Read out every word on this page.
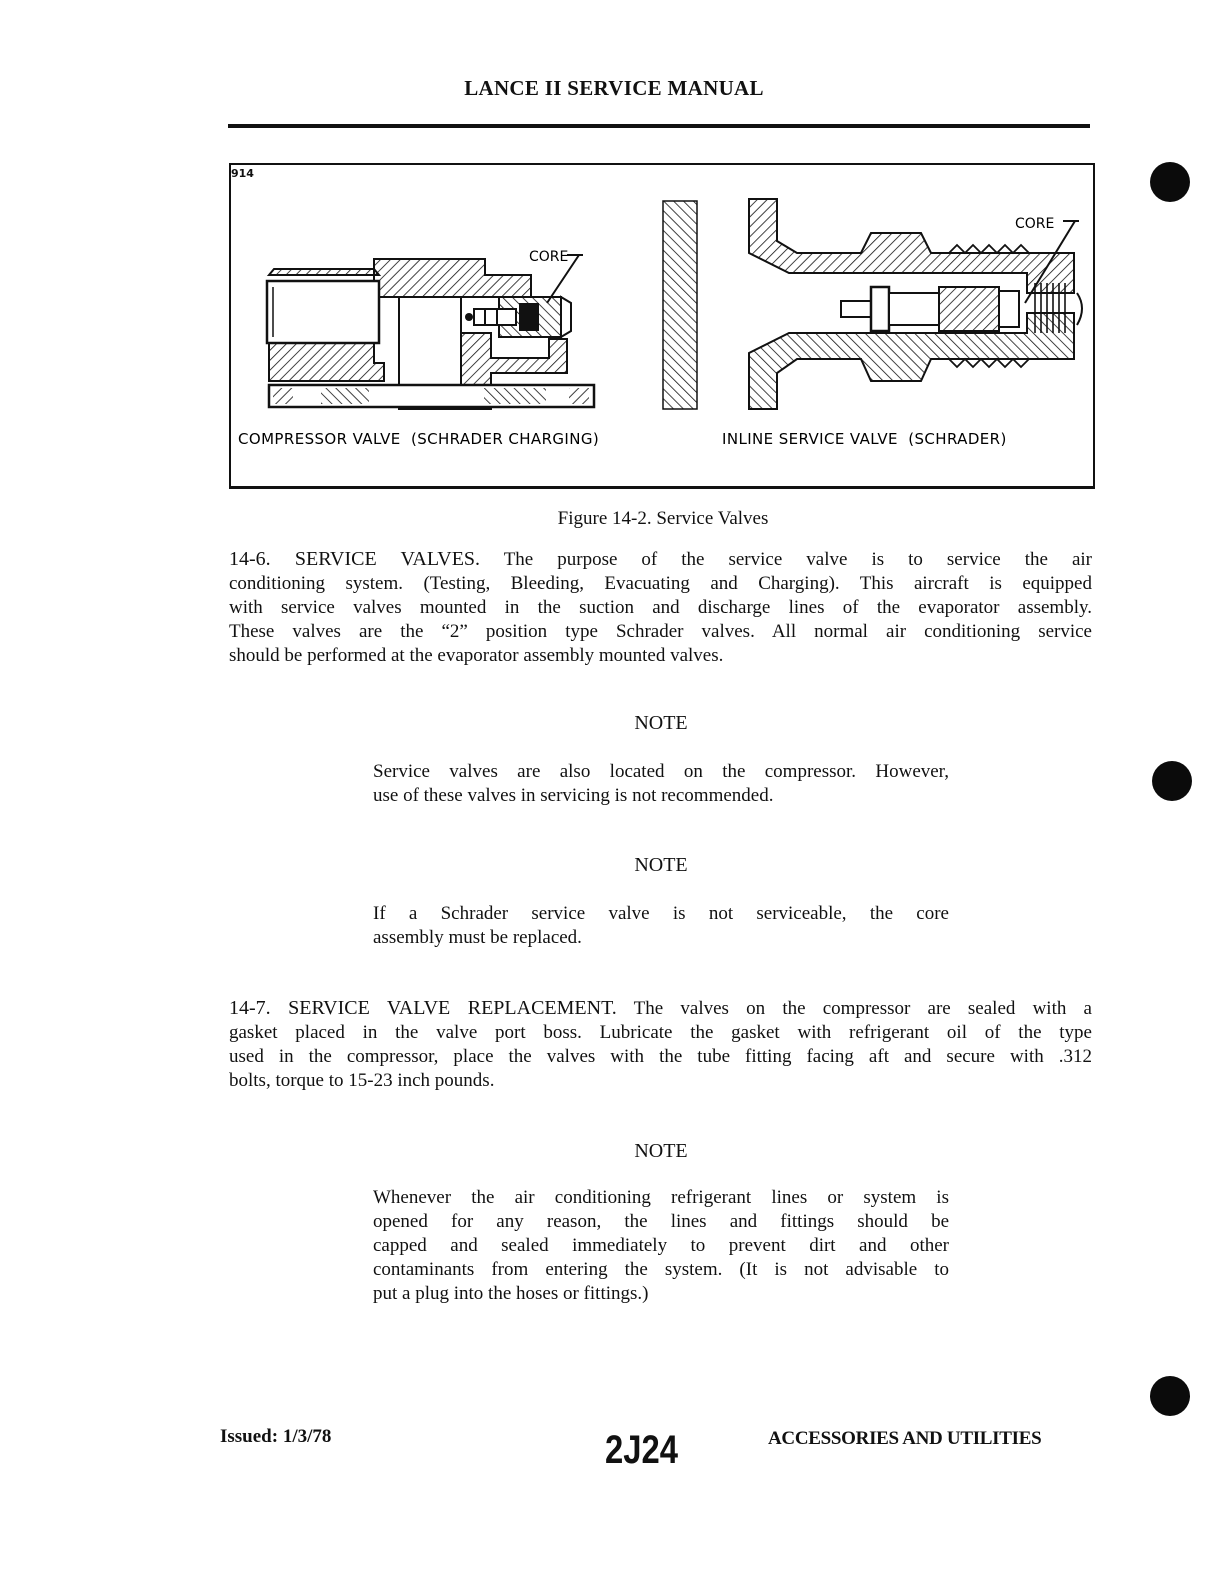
LANCE II SERVICE MANUAL
914
CORE
CORE
COMPRESSOR VALVE  (SCHRADER CHARGING)	INLINE SERVICE VALVE  (SCHRADER)
Figure 14-2. Service Valves
14-6. SERVICE VALVES. The purpose of the service valve is to service the air
conditioning system. (Testing, Bleeding, Evacuating and Charging). This aircraft is equipped
with service valves mounted in the suction and discharge lines of the evaporator assembly.
These valves are the “2” position type Schrader valves. All normal air conditioning service
should be performed at the evaporator assembly mounted valves.
NOTE
Service valves are also located on the compressor. However,
use of these valves in servicing is not recommended.
NOTE
If a Schrader service valve is not serviceable, the core
assembly must be replaced.
14-7. SERVICE VALVE REPLACEMENT. The valves on the compressor are sealed with a
gasket placed in the valve port boss. Lubricate the gasket with refrigerant oil of the type
used in the compressor, place the valves with the tube fitting facing aft and secure with .312
bolts, torque to 15-23 inch pounds.
NOTE
Whenever the air conditioning refrigerant lines or system is
opened for any reason, the lines and fittings should be
capped and sealed immediately to prevent dirt and other
contaminants from entering the system. (It is not advisable to
put a plug into the hoses or fittings.)
Issued: 1/3/78	2J24	ACCESSORIES AND UTILITIES
